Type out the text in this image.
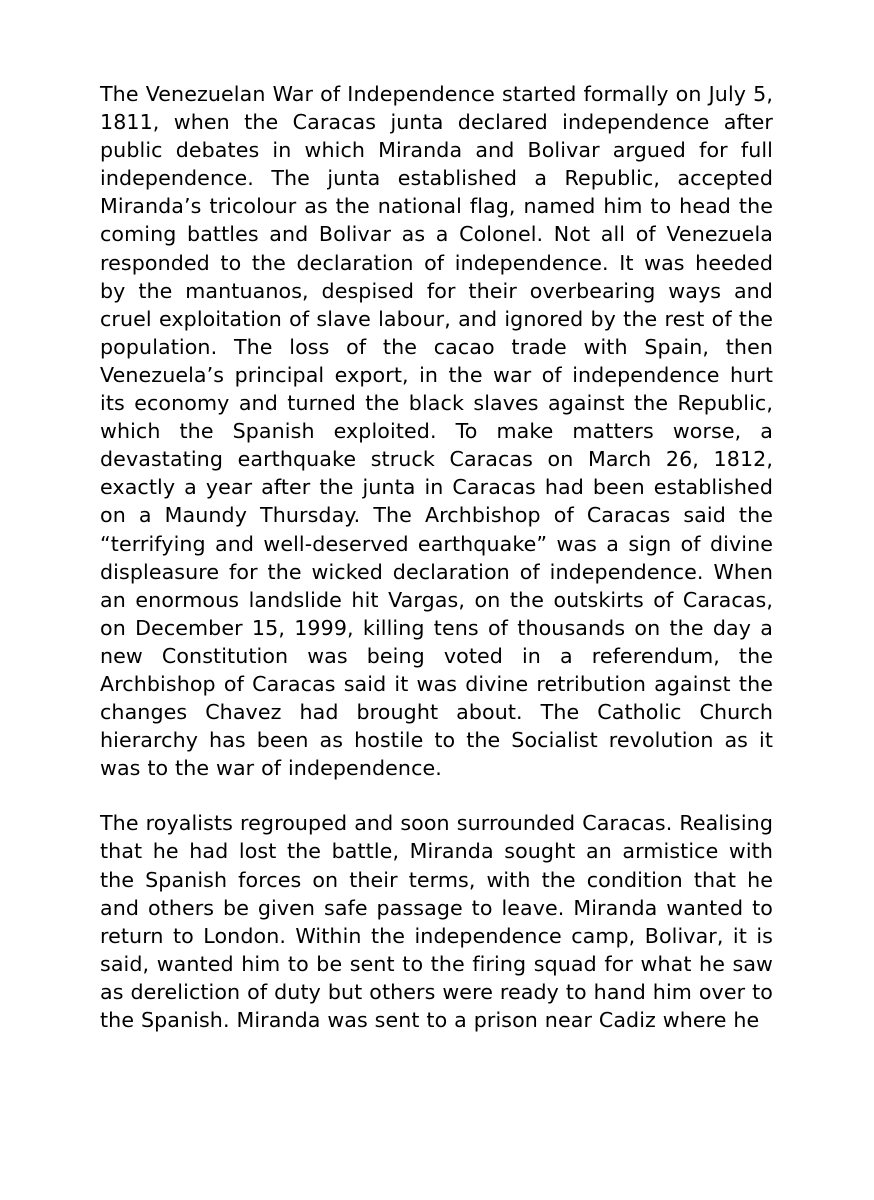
The Venezuelan War of Independence started formally on July 5, 1811, when the Caracas junta declared independence after public debates in which Miranda and Bolivar argued for full independence. The junta established a Republic, accepted Miranda’s tricolour as the national flag, named him to head the coming battles and Bolivar as a Colonel. Not all of Venezuela responded to the declaration of independence. It was heeded by the mantuanos, despised for their overbearing ways and cruel exploitation of slave labour, and ignored by the rest of the population. The loss of the cacao trade with Spain, then Venezuela’s principal export, in the war of independence hurt its economy and turned the black slaves against the Republic, which the Spanish exploited. To make matters worse, a devastating earthquake struck Caracas on March 26, 1812, exactly a year after the junta in Caracas had been established on a Maundy Thursday. The Archbishop of Caracas said the “terrifying and well-deserved earthquake” was a sign of divine displeasure for the wicked declaration of independence. When an enormous landslide hit Vargas, on the outskirts of Caracas, on December 15, 1999, killing tens of thousands on the day a new Constitution was being voted in a referendum, the Archbishop of Caracas said it was divine retribution against the changes Chavez had brought about. The Catholic Church hierarchy has been as hostile to the Socialist revolution as it was to the war of independence.

The royalists regrouped and soon surrounded Caracas. Realising that he had lost the battle, Miranda sought an armistice with the Spanish forces on their terms, with the condition that he and others be given safe passage to leave. Miranda wanted to return to London. Within the independence camp, Bolivar, it is said, wanted him to be sent to the firing squad for what he saw as dereliction of duty but others were ready to hand him over to the Spanish. Miranda was sent to a prison near Cadiz where he
